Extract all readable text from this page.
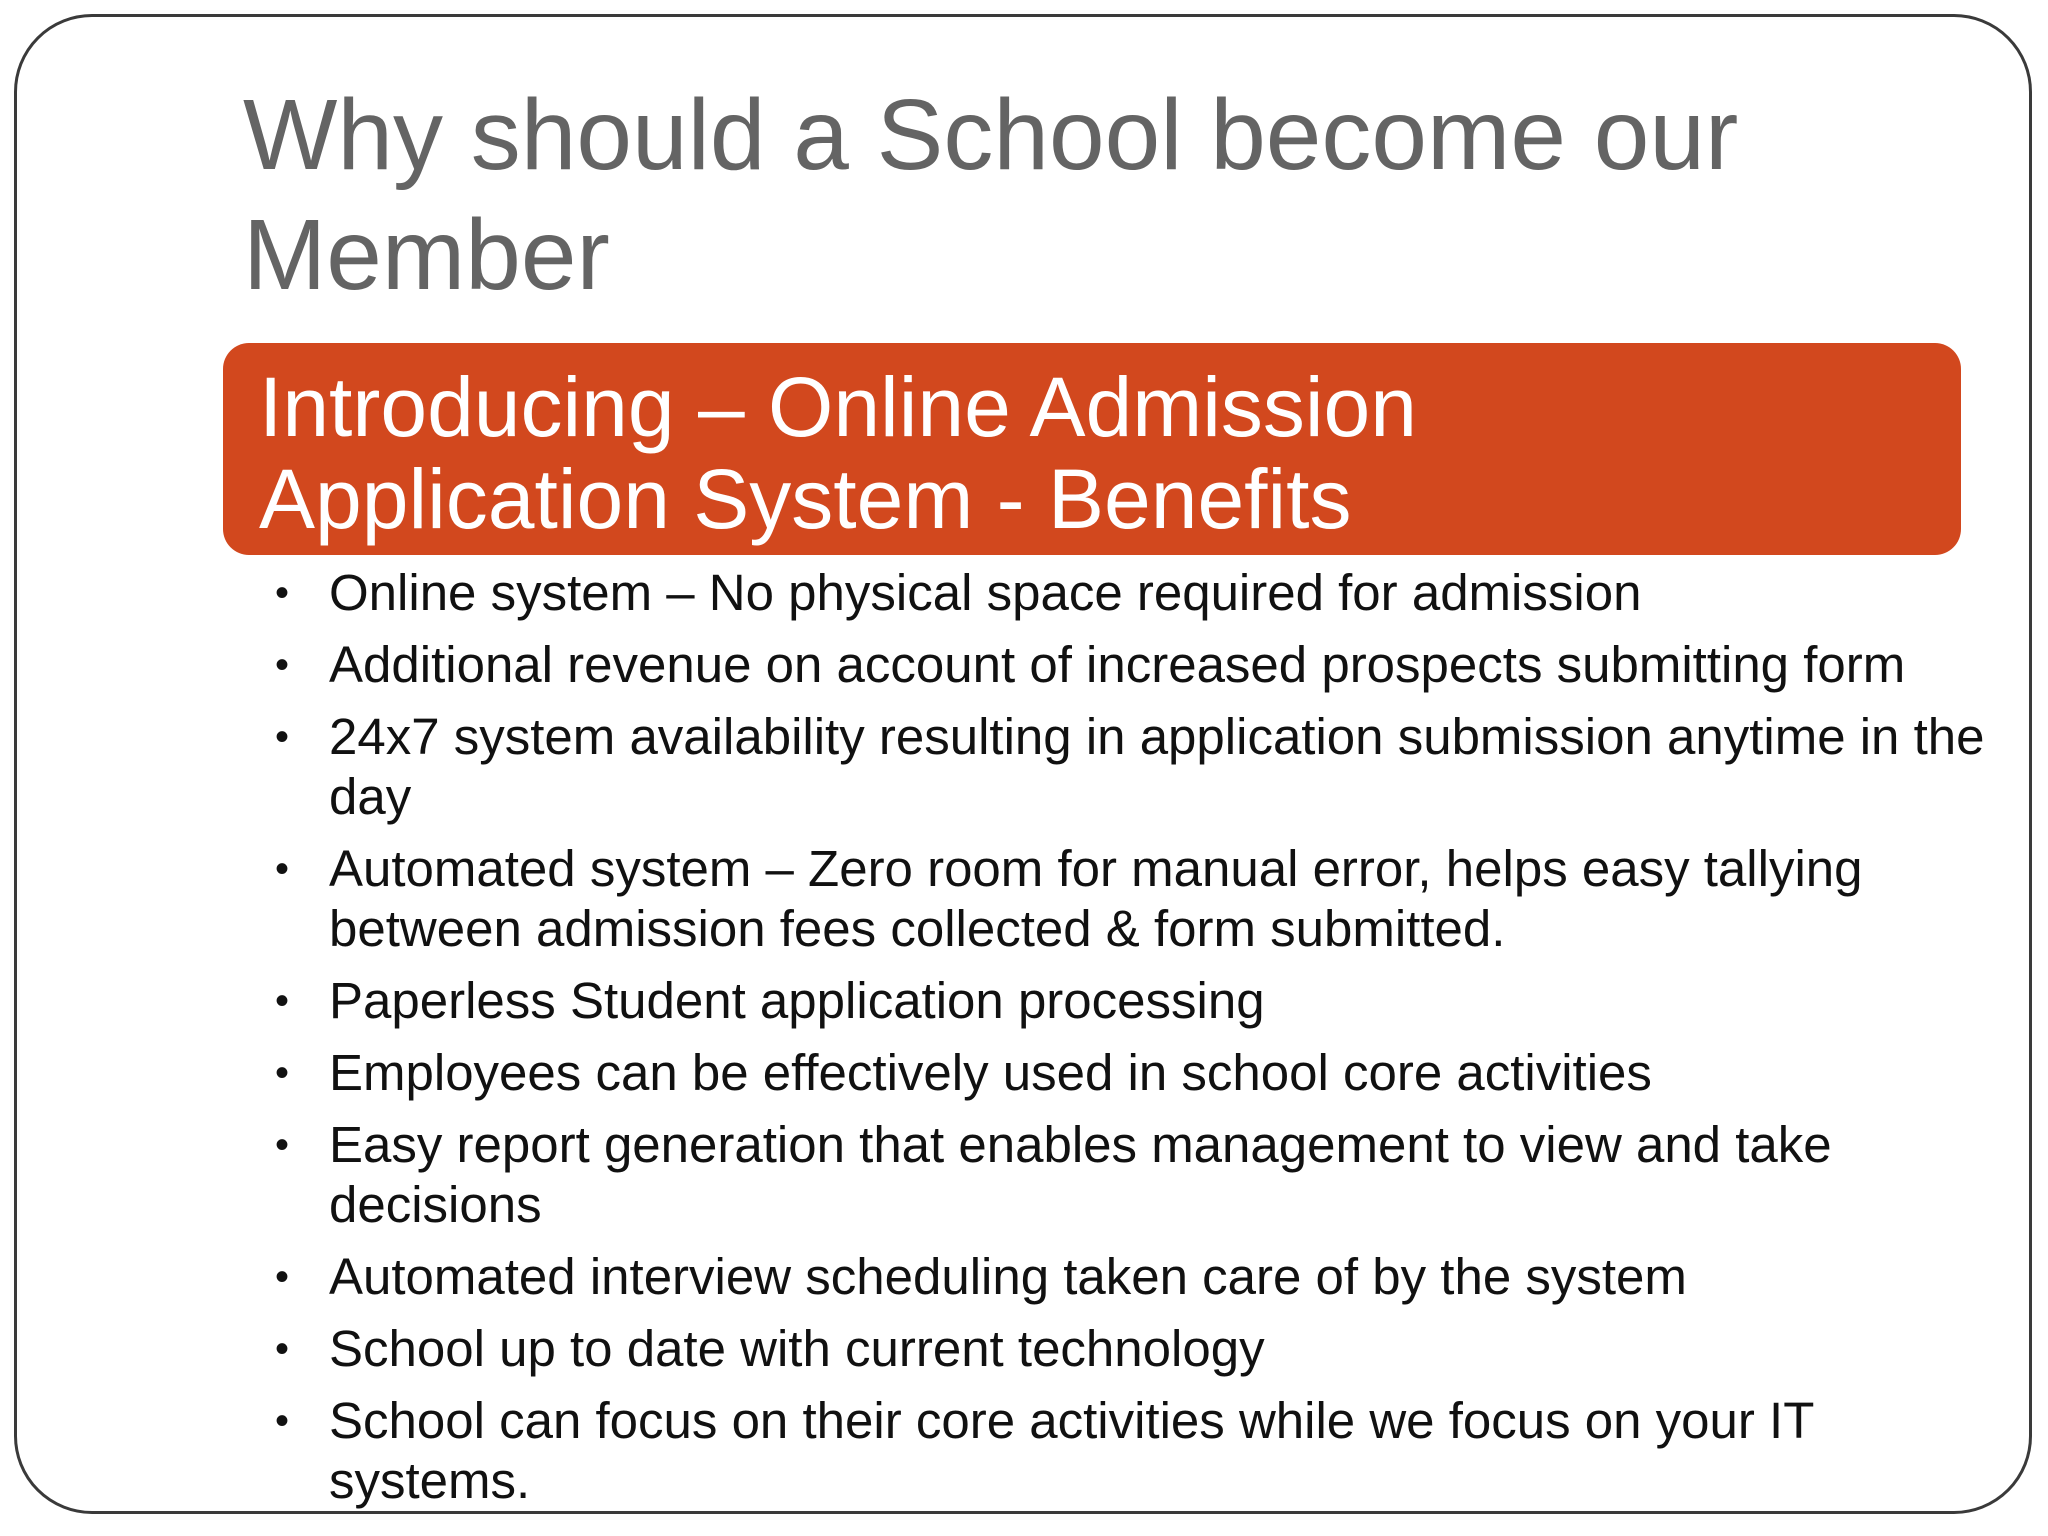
Why should a School become our Member

Introducing – Online Admission

Application System - Benefits

• Online system – No physical space required for admission
• Additional revenue on account of increased prospects submitting form
• 24x7 system availability resulting in application submission anytime in the day
• Automated system – Zero room for manual error, helps easy tallying between admission fees collected & form submitted.
• Paperless Student application processing
• Employees can be effectively used in school core activities
• Easy report generation that enables management to view and take decisions
• Automated interview scheduling taken care of by the system
• School up to date with current technology
• School can focus on their core activities while we focus on your IT systems.
